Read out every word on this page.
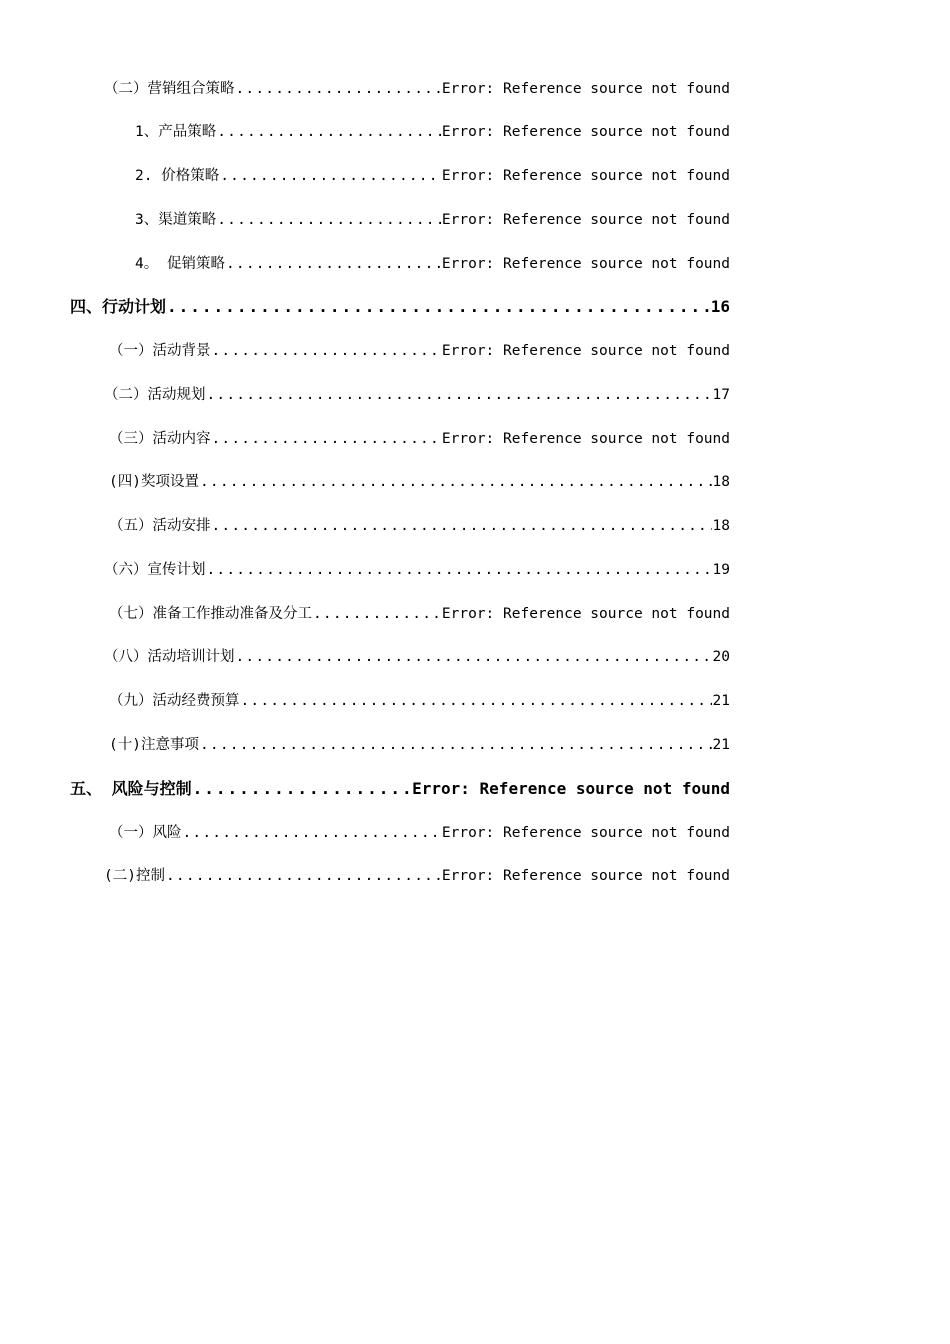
（二）营销组合策略 .....	Error: Reference source not found
1、产品策略 .....	Error: Reference source not found
2. 价格策略 .....	Error: Reference source not found
3、渠道策略 .....	Error: Reference source not found
4。 促销策略 .....	Error: Reference source not found
四、行动计划 .....	16
（一）活动背景 .....	Error: Reference source not found
（二）活动规划 .....	17
（三）活动内容 .....	Error: Reference source not found
(四)奖项设置 .....	18
（五）活动安排 .....	18
（六）宣传计划 .....	19
（七）准备工作推动准备及分工 .....	Error: Reference source not found
（八）活动培训计划 .....	20
（九）活动经费预算 .....	21
(十)注意事项 .....	21
五、 风险与控制 .....	Error: Reference source not found
（一）风险 .....	Error: Reference source not found
(二)控制 .....	Error: Reference source not found
